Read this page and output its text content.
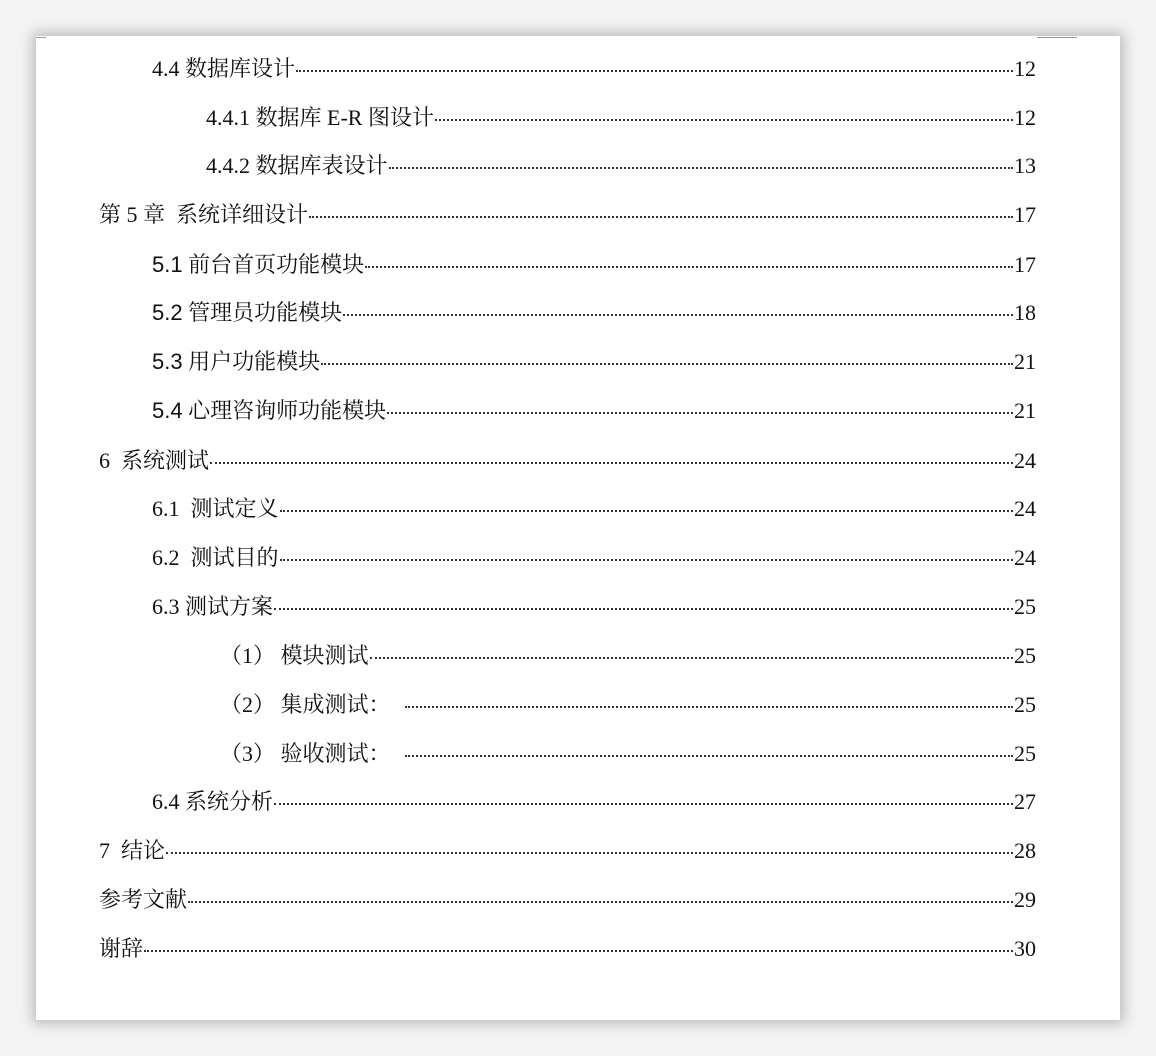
4.4 数据库设计	12
4.4.1 数据库 E-R 图设计	12
4.4.2 数据库表设计	13
第 5 章 系统详细设计	17
5.1 前台首页功能模块	17
5.2 管理员功能模块	18
5.3 用户功能模块	21
5.4 心理咨询师功能模块	21
6 系统测试	24
6.1 测试定义	24
6.2 测试目的	24
6.3 测试方案	25
（1） 模块测试	25
（2） 集成测试：	25
（3） 验收测试：	25
6.4 系统分析	27
7 结论	28
参考文献	29
谢辞	30
